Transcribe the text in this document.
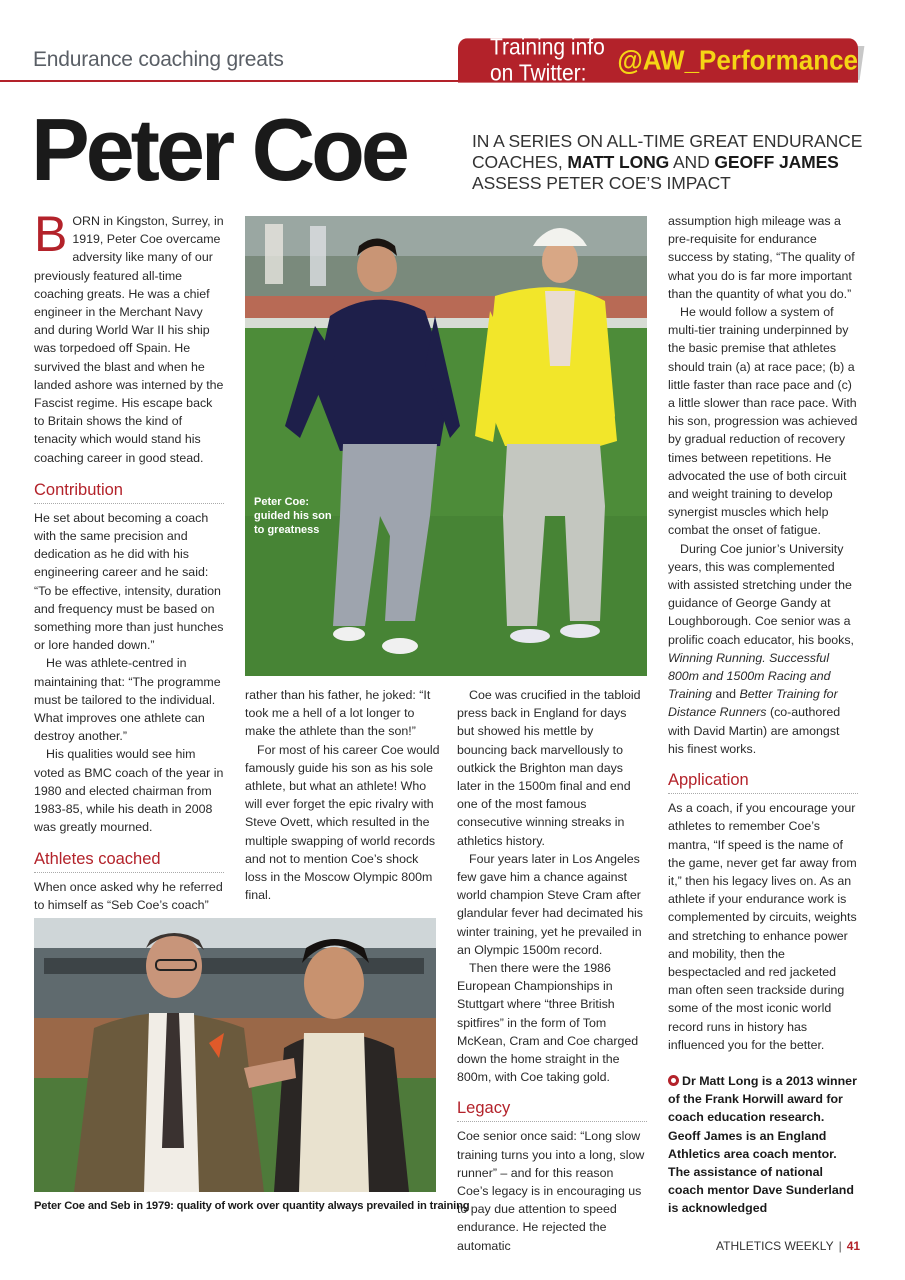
Endurance coaching greats
Training info on Twitter:	@AW_Performance
Peter Coe	IN A SERIES ON ALL-TIME GREAT ENDURANCE
COACHES, MATT LONG AND GEOFF JAMES
ASSESS PETER COE’S IMPACT

BORN in Kingston, Surrey, in 1919, Peter Coe overcame adversity like many of our previously featured all-time coaching greats. He was a chief engineer in the Merchant Navy and during World War II his ship was torpedoed off Spain. He survived the blast and when he landed ashore was interned by the Fascist regime. His escape back to Britain shows the kind of tenacity which would stand his coaching career in good stead.

Contribution

He set about becoming a coach with the same precision and dedication as he did with his engineering career and he said: “To be effective, intensity, duration and frequency must be based on something more than just hunches or lore handed down.”

He was athlete-centred in maintaining that: “The programme must be tailored to the individual. What improves one athlete can destroy another.”

His qualities would see him voted as BMC coach of the year in 1980 and elected chairman from 1983-85, while his death in 2008 was greatly mourned.

Athletes coached

When once asked why he referred to himself as “Seb Coe’s coach”

Peter Coe: guided his son to greatness

rather than his father, he joked: “It took me a hell of a lot longer to make the athlete than the son!”

For most of his career Coe would famously guide his son as his sole athlete, but what an athlete! Who will ever forget the epic rivalry with Steve Ovett, which resulted in the multiple swapping of world records and not to mention Coe’s shock loss in the Moscow Olympic 800m final.

Coe was crucified in the tabloid press back in England for days but showed his mettle by bouncing back marvellously to outkick the Brighton man days later in the 1500m final and end one of the most famous consecutive winning streaks in athletics history.

Four years later in Los Angeles few gave him a chance against world champion Steve Cram after glandular fever had decimated his winter training, yet he prevailed in an Olympic 1500m record.

Then there were the 1986 European Championships in Stuttgart where “three British spitfires” in the form of Tom McKean, Cram and Coe charged down the home straight in the 800m, with Coe taking gold.

Legacy

Coe senior once said: “Long slow training turns you into a long, slow runner” – and for this reason Coe’s legacy is in encouraging us to pay due attention to speed endurance. He rejected the automatic

assumption high mileage was a pre-requisite for endurance success by stating, “The quality of what you do is far more important than the quantity of what you do.”

He would follow a system of multi-tier training underpinned by the basic premise that athletes should train (a) at race pace; (b) a little faster than race pace and (c) a little slower than race pace. With his son, progression was achieved by gradual reduction of recovery times between repetitions. He advocated the use of both circuit and weight training to develop synergist muscles which help combat the onset of fatigue.

During Coe junior’s University years, this was complemented with assisted stretching under the guidance of George Gandy at Loughborough. Coe senior was a prolific coach educator, his books, Winning Running. Successful 800m and 1500m Racing and Training and Better Training for Distance Runners (co-authored with David Martin) are amongst his finest works.

Application

As a coach, if you encourage your athletes to remember Coe’s mantra, “If speed is the name of the game, never get far away from it,” then his legacy lives on. As an athlete if your endurance work is complemented by circuits, weights and stretching to enhance power and mobility, then the bespectacled and red jacketed man often seen trackside during some of the most iconic world record runs in history has influenced you for the better.

Dr Matt Long is a 2013 winner of the Frank Horwill award for coach education research. Geoff James is an England Athletics area coach mentor. The assistance of national coach mentor Dave Sunderland is acknowledged

Peter Coe and Seb in 1979: quality of work over quantity always prevailed in training
ATHLETICS WEEKLY | 41
